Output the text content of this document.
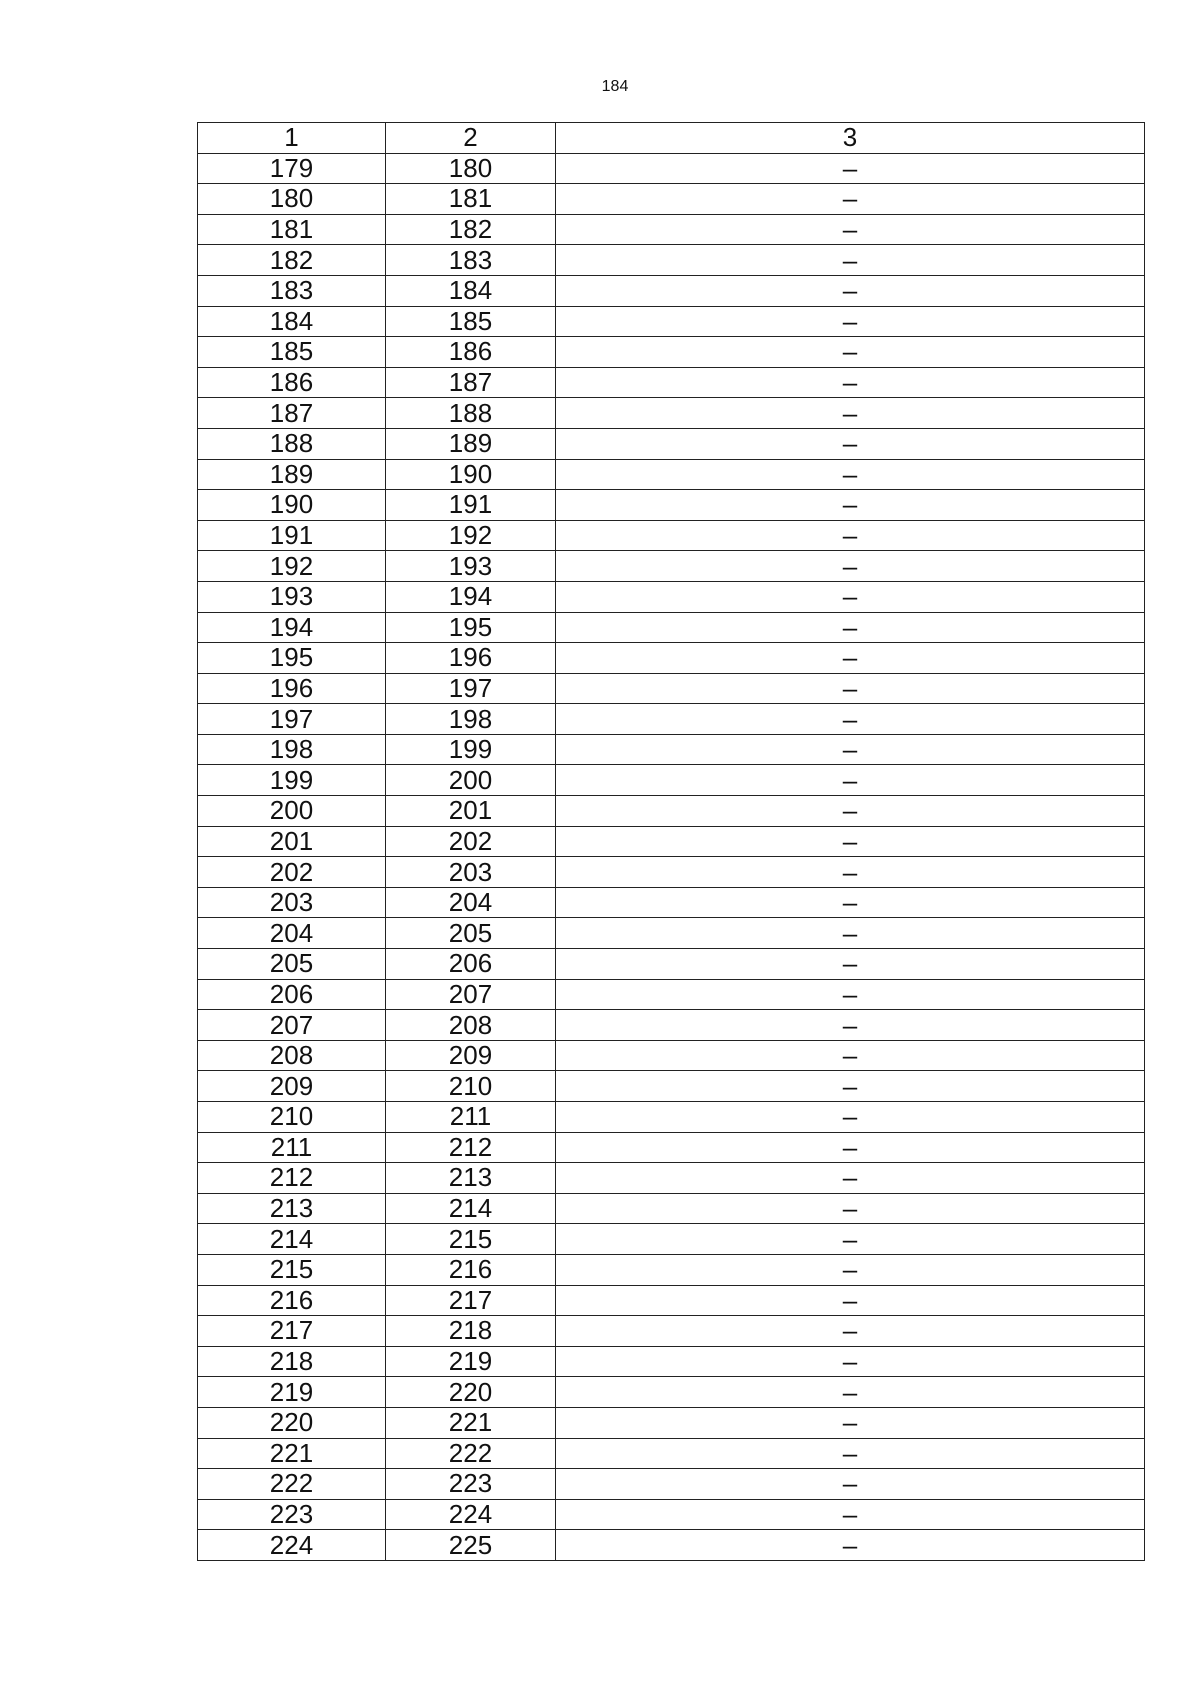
184
1	2	3
179	180	–
180	181	–
181	182	–
182	183	–
183	184	–
184	185	–
185	186	–
186	187	–
187	188	–
188	189	–
189	190	–
190	191	–
191	192	–
192	193	–
193	194	–
194	195	–
195	196	–
196	197	–
197	198	–
198	199	–
199	200	–
200	201	–
201	202	–
202	203	–
203	204	–
204	205	–
205	206	–
206	207	–
207	208	–
208	209	–
209	210	–
210	211	–
211	212	–
212	213	–
213	214	–
214	215	–
215	216	–
216	217	–
217	218	–
218	219	–
219	220	–
220	221	–
221	222	–
222	223	–
223	224	–
224	225	–
